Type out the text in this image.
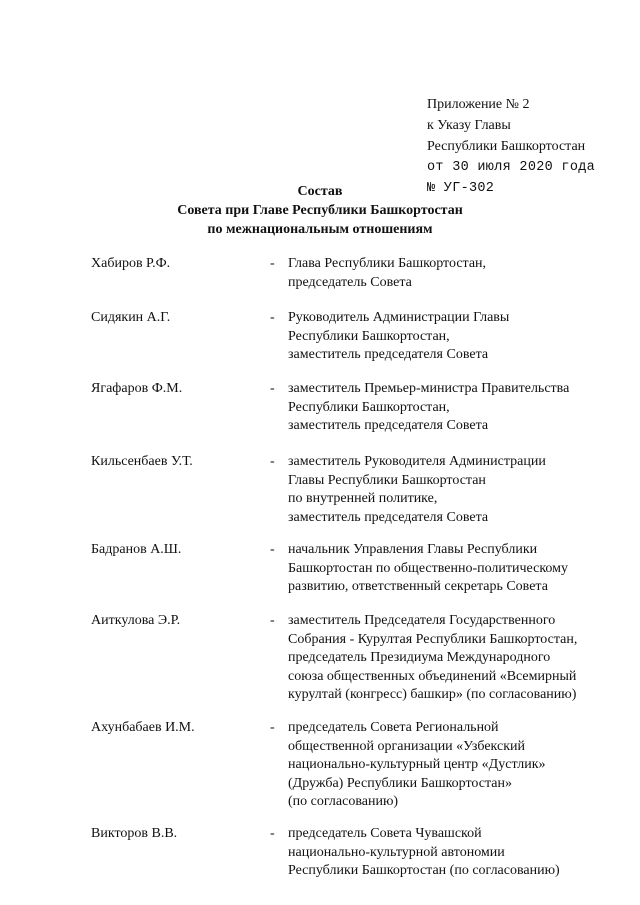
Приложение № 2
к Указу Главы
Республики Башкортостан
от 30 июля 2020 года
№ УГ-302
Состав
Совета при Главе Республики Башкортостан
по межнациональным отношениям
Хабиров Р.Ф.	- Глава Республики Башкортостан,
председатель Совета
Сидякин А.Г.	- Руководитель Администрации Главы
Республики Башкортостан,
заместитель председателя Совета
Ягафаров Ф.М.	- заместитель Премьер-министра Правительства
Республики Башкортостан,
заместитель председателя Совета
Кильсенбаев У.Т.	- заместитель Руководителя Администрации
Главы Республики Башкортостан
по внутренней политике,
заместитель председателя Совета
Бадранов А.Ш.	- начальник Управления Главы Республики
Башкортостан по общественно-политическому
развитию, ответственный секретарь Совета
Аиткулова Э.Р.	- заместитель Председателя Государственного
Собрания - Курултая Республики Башкортостан,
председатель Президиума Международного
союза общественных объединений «Всемирный
курултай (конгресс) башкир» (по согласованию)
Ахунбабаев И.М.	- председатель Совета Региональной
общественной организации «Узбекский
национально-культурный центр «Дустлик»
(Дружба) Республики Башкортостан»
(по согласованию)
Викторов В.В.	- председатель Совета Чувашской
национально-культурной автономии
Республики Башкортостан (по согласованию)
